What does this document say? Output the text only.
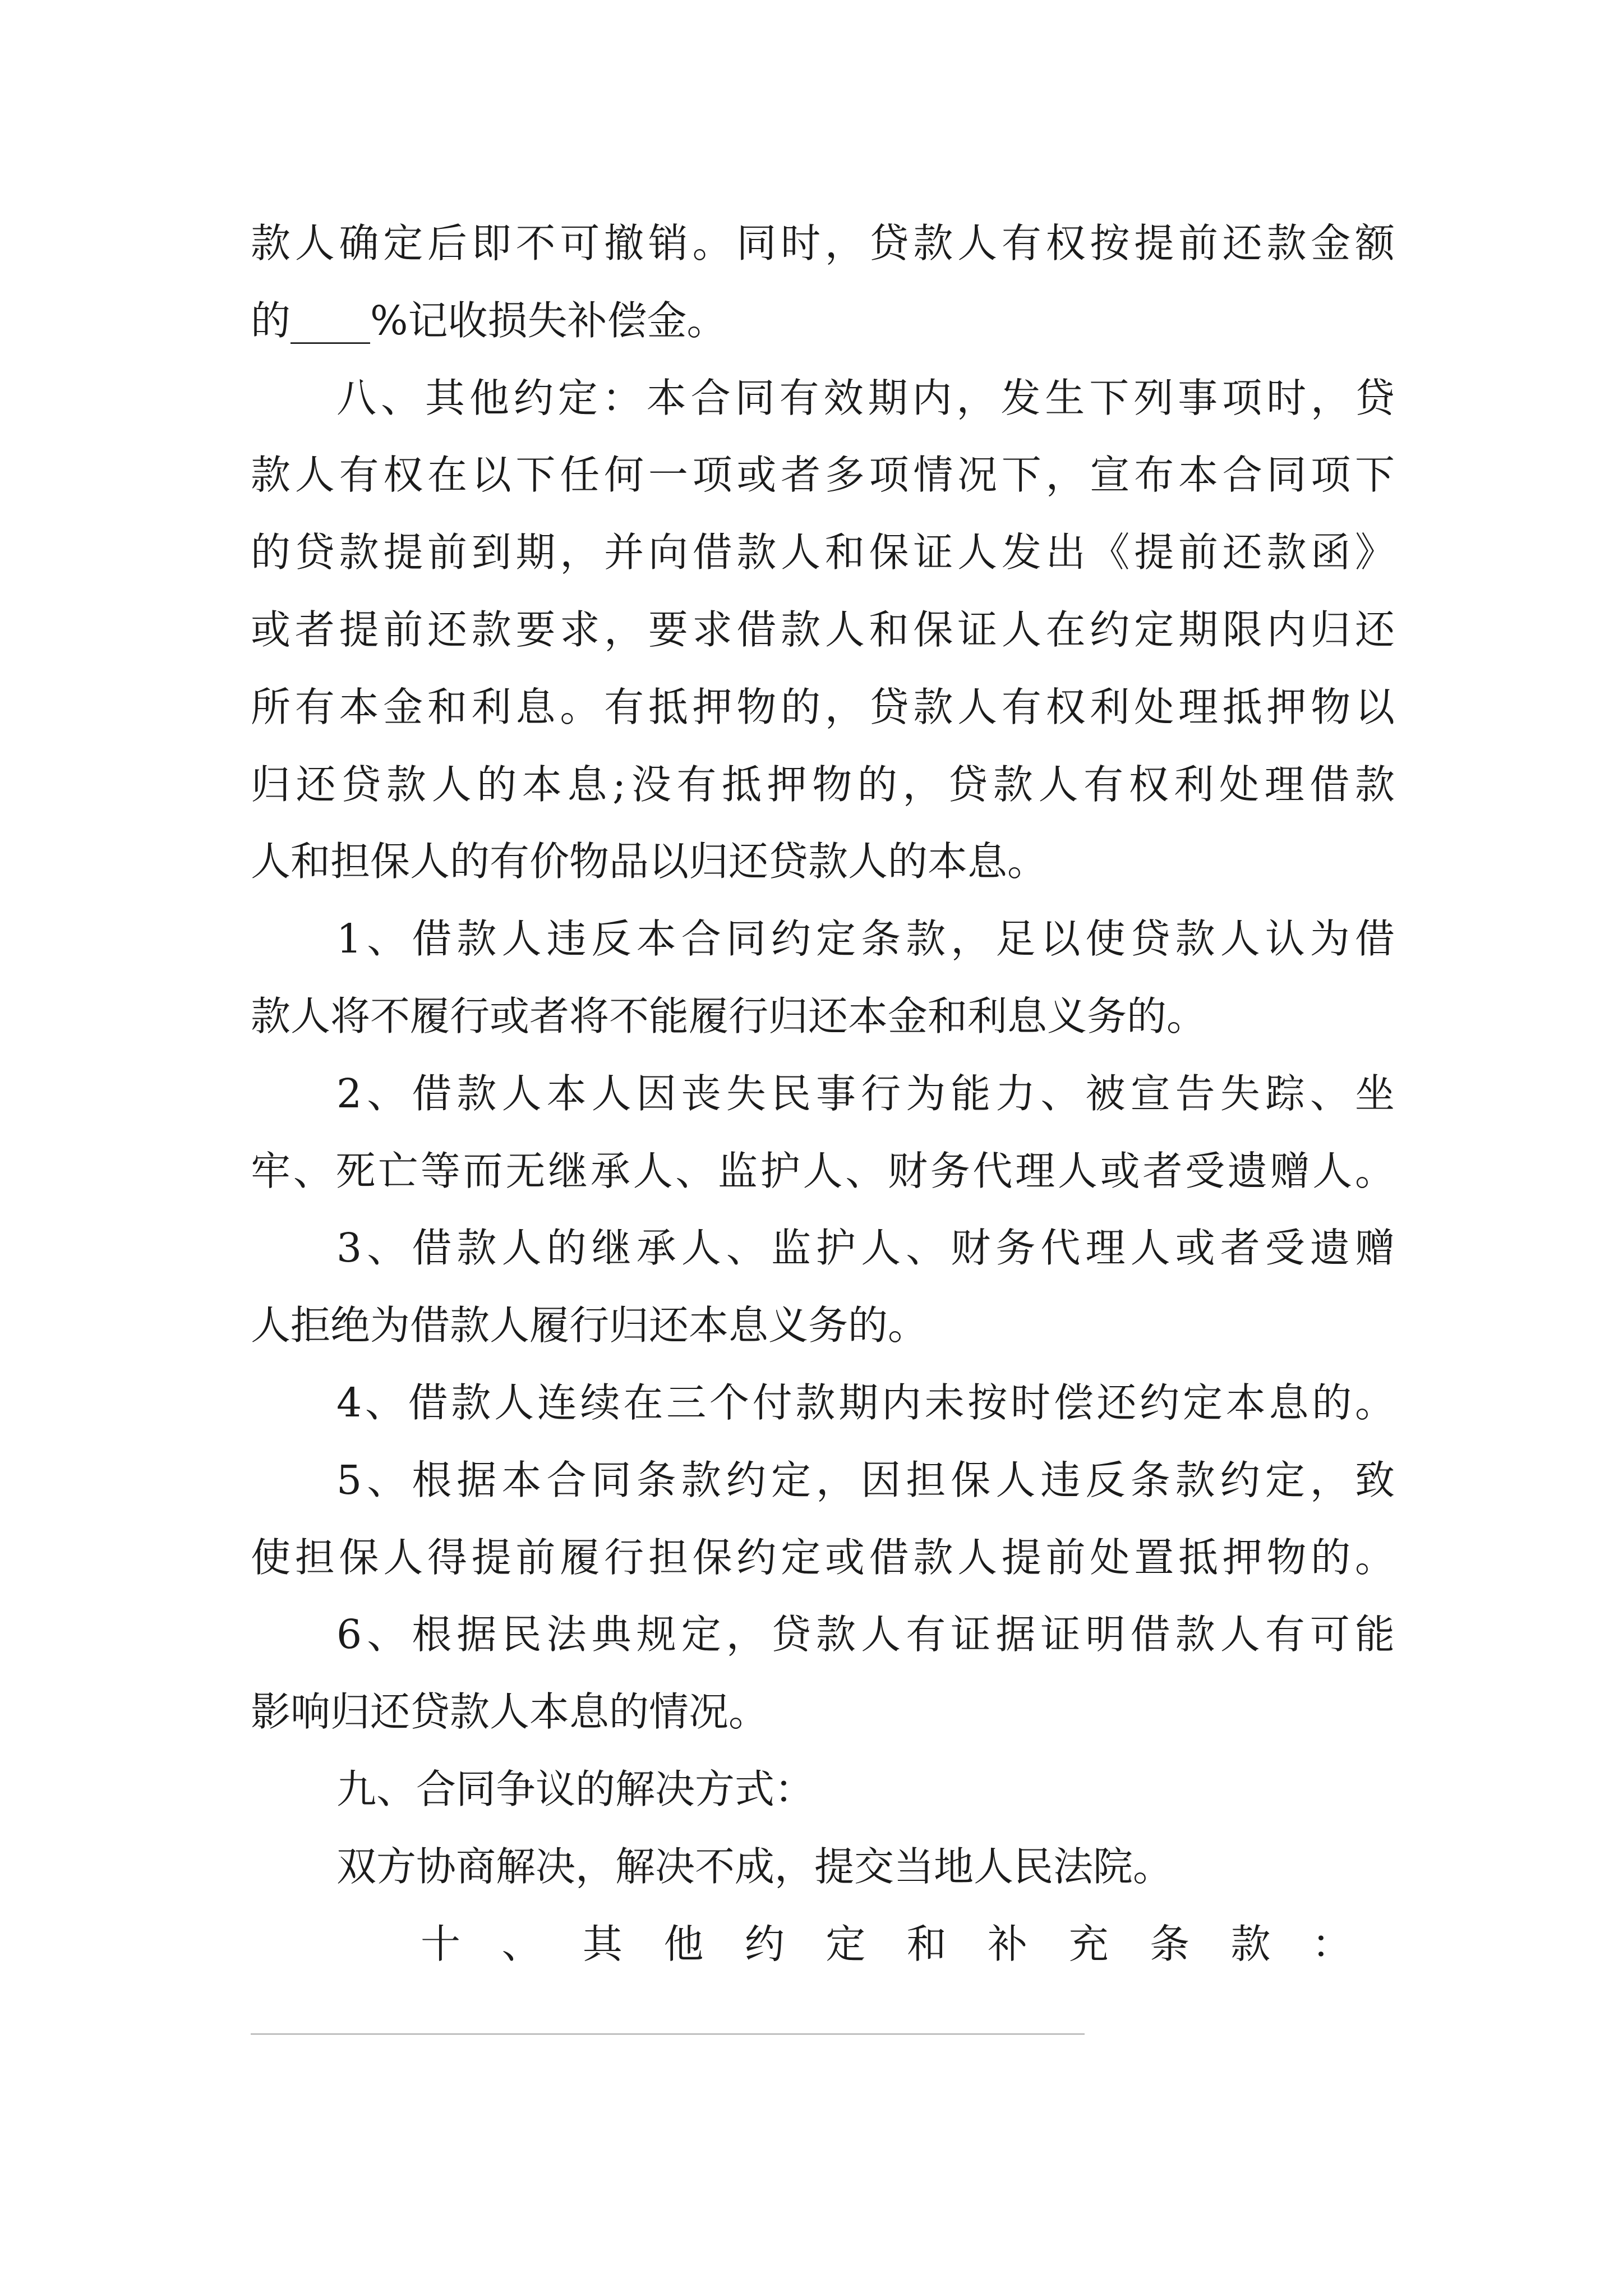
款人确定后即不可撤销。同时，贷款人有权按提前还款金额
的____%记收损失补偿金。
八、其他约定：本合同有效期内，发生下列事项时，贷
款人有权在以下任何一项或者多项情况下，宣布本合同项下
的贷款提前到期，并向借款人和保证人发出《提前还款函》
或者提前还款要求，要求借款人和保证人在约定期限内归还
所有本金和利息。有抵押物的，贷款人有权利处理抵押物以
归还贷款人的本息;没有抵押物的，贷款人有权利处理借款
人和担保人的有价物品以归还贷款人的本息。
1、借款人违反本合同约定条款，足以使贷款人认为借
款人将不履行或者将不能履行归还本金和利息义务的。
2、借款人本人因丧失民事行为能力、被宣告失踪、坐
牢、死亡等而无继承人、监护人、财务代理人或者受遗赠人。
3、借款人的继承人、监护人、财务代理人或者受遗赠
人拒绝为借款人履行归还本息义务的。
4、借款人连续在三个付款期内未按时偿还约定本息的。
5、根据本合同条款约定，因担保人违反条款约定，致
使担保人得提前履行担保约定或借款人提前处置抵押物的。
6、根据民法典规定，贷款人有证据证明借款人有可能
影响归还贷款人本息的情况。
九、合同争议的解决方式：
双方协商解决，解决不成，提交当地人民法院。
十、其他约定和补充条款：
